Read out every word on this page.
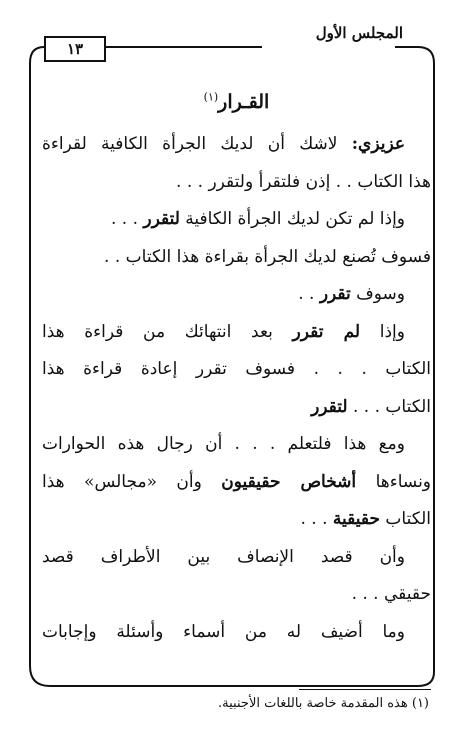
المجلس الأول
١٣
القـرار$^{(١)}$

عزيزي: لاشك أن لديك الجرأة الكافية لقراءة
هذا الكتاب . . إذن فلتقرأ ولتقرر . . .

وإذا لم تكن لديك الجرأة الكافية لتقرر . . .
فسوف تُصنع لديك الجرأة بقراءة هذا الكتاب . .
وسوف تقرر . .

وإذا لم تقرر بعد انتهائك من قراءة هذا
الكتاب . . . فسوف تقرر إعادة قراءة هذا
الكتاب . . . لتقرر

ومع هذا فلتعلم . . . أن رجال هذه الحوارات
ونساءها أشخاص حقيقيون وأن «مجالس» هذا
الكتاب حقيقية . . .

وأن قصد الإنصاف بين الأطراف قصد
حقيقي . . .

وما أضيف له من أسماء وأسئلة وإجابات

(١) هذه المقدمة خاصة باللغات الأجنبية.
